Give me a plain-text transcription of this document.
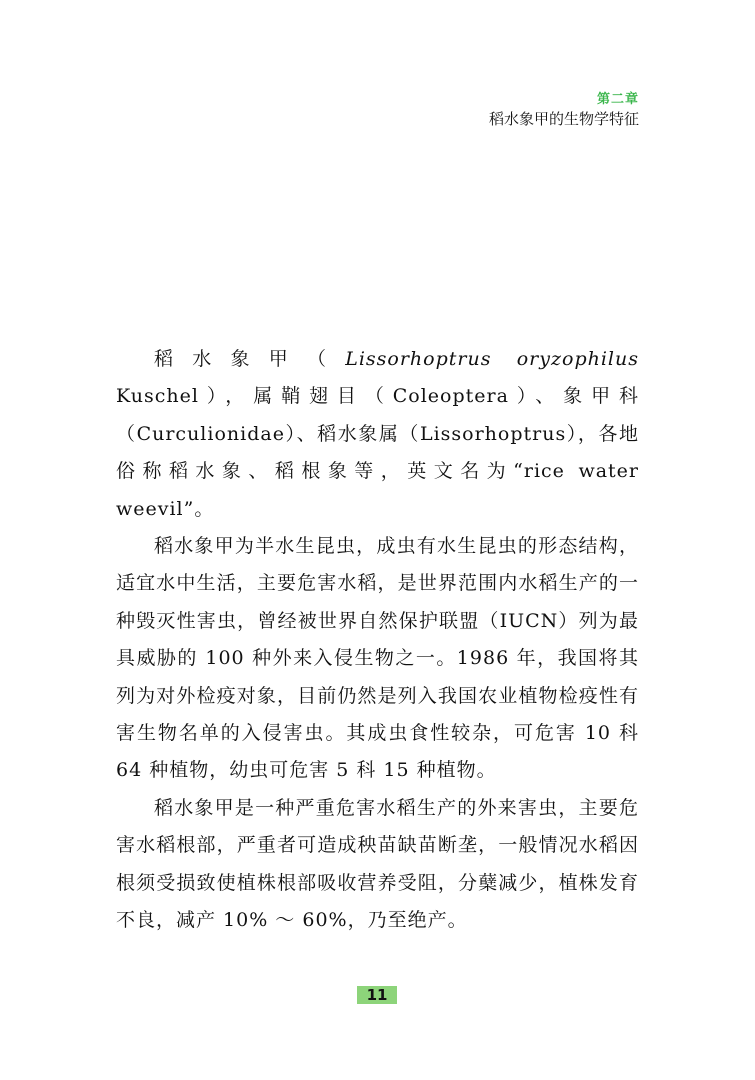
第二章
稻水象甲的生物学特征

稻水象甲（Lissorhoptrus oryzophilus Kuschel），属鞘翅目（Coleoptera）、象甲科（Curculionidae）、稻水象属（Lissorhoptrus），各地俗称稻水象、稻根象等，英文名为“rice water weevil”。

稻水象甲为半水生昆虫，成虫有水生昆虫的形态结构，适宜水中生活，主要危害水稻，是世界范围内水稻生产的一种毁灭性害虫，曾经被世界自然保护联盟（IUCN）列为最具威胁的 100 种外来入侵生物之一。1986 年，我国将其列为对外检疫对象，目前仍然是列入我国农业植物检疫性有害生物名单的入侵害虫。其成虫食性较杂，可危害 10 科 64 种植物，幼虫可危害 5 科 15 种植物。

稻水象甲是一种严重危害水稻生产的外来害虫，主要危害水稻根部，严重者可造成秧苗缺苗断垄，一般情况水稻因根须受损致使植株根部吸收营养受阻，分蘖减少，植株发育不良，减产 10% ～ 60%，乃至绝产。

11
